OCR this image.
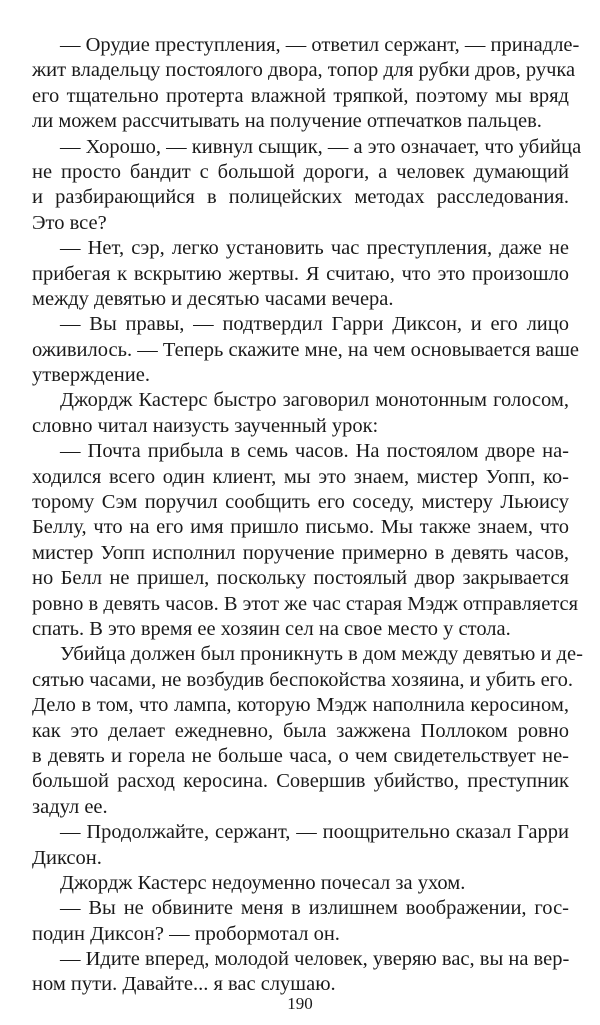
— Орудие преступления, — ответил сержант, — принадле-
жит владельцу постоялого двора, топор для рубки дров, ручка
его тщательно протерта влажной тряпкой, поэтому мы вряд
ли можем рассчитывать на получение отпечатков пальцев.
— Хорошо, — кивнул сыщик, — а это означает, что убийца
не просто бандит с большой дороги, а человек думающий
и разбирающийся в полицейских методах расследования.
Это все?
— Нет, сэр, легко установить час преступления, даже не
прибегая к вскрытию жертвы. Я считаю, что это произошло
между девятью и десятью часами вечера.
— Вы правы, — подтвердил Гарри Диксон, и его лицо
оживилось. — Теперь скажите мне, на чем основывается ваше
утверждение.
Джордж Кастерс быстро заговорил монотонным голосом,
словно читал наизусть заученный урок:
— Почта прибыла в семь часов. На постоялом дворе на-
ходился всего один клиент, мы это знаем, мистер Уопп, ко-
торому Сэм поручил сообщить его соседу, мистеру Льюису
Беллу, что на его имя пришло письмо. Мы также знаем, что
мистер Уопп исполнил поручение примерно в девять часов,
но Белл не пришел, поскольку постоялый двор закрывается
ровно в девять часов. В этот же час старая Мэдж отправляется
спать. В это время ее хозяин сел на свое место у стола.
Убийца должен был проникнуть в дом между девятью и де-
сятью часами, не возбудив беспокойства хозяина, и убить его.
Дело в том, что лампа, которую Мэдж наполнила керосином,
как это делает ежедневно, была зажжена Поллоком ровно
в девять и горела не больше часа, о чем свидетельствует не-
большой расход керосина. Совершив убийство, преступник
задул ее.
— Продолжайте, сержант, — поощрительно сказал Гарри
Диксон.
Джордж Кастерс недоуменно почесал за ухом.
— Вы не обвините меня в излишнем воображении, гос-
подин Диксон? — пробормотал он.
— Идите вперед, молодой человек, уверяю вас, вы на вер-
ном пути. Давайте... я вас слушаю.
190
